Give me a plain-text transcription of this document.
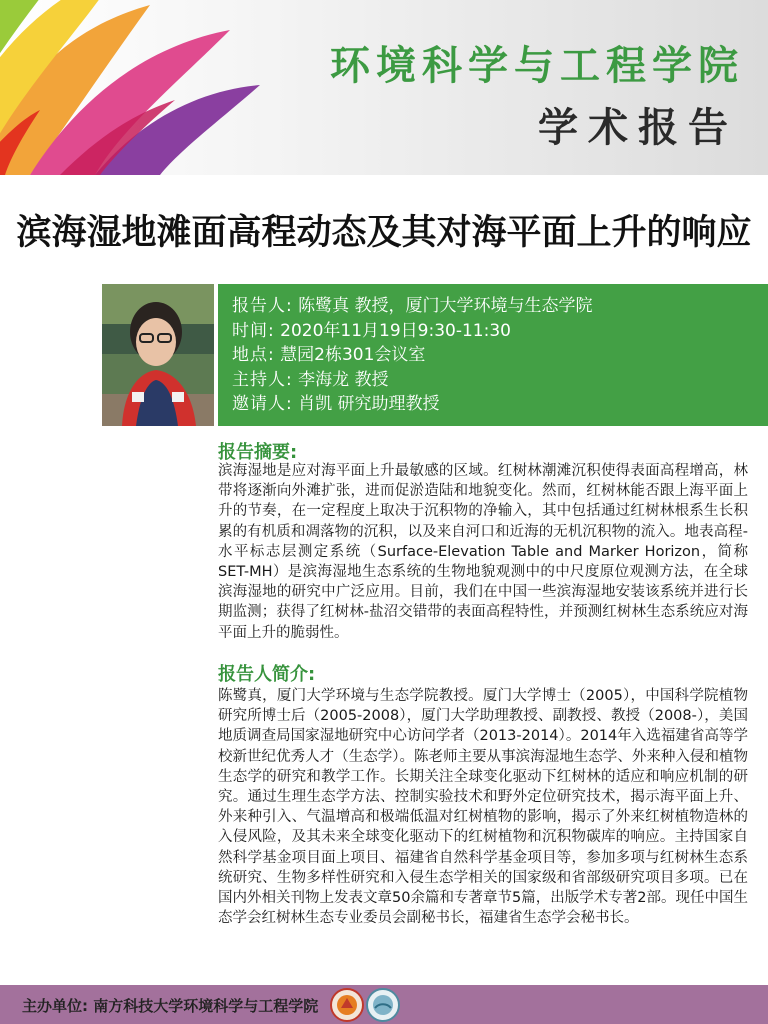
环境科学与工程学院
学术报告
滨海湿地滩面高程动态及其对海平面上升的响应
报告人: 陈鹭真 教授，厦门大学环境与生态学院
时间: 2020年11月19日9:30-11:30
地点: 慧园2栋301会议室
主持人: 李海龙 教授
邀请人: 肖凯 研究助理教授
报告摘要:
滨海湿地是应对海平面上升最敏感的区域。红树林潮滩沉积使得表面高程增高，林带将逐渐向外滩扩张，进而促淤造陆和地貌变化。然而，红树林能否跟上海平面上升的节奏，在一定程度上取决于沉积物的净输入，其中包括通过红树林根系生长积累的有机质和凋落物的沉积，以及来自河口和近海的无机沉积物的流入。地表高程-水平标志层测定系统（Surface-Elevation Table and Marker Horizon，简称SET-MH）是滨海湿地生态系统的生物地貌观测中的中尺度原位观测方法，在全球滨海湿地的研究中广泛应用。目前，我们在中国一些滨海湿地安装该系统并进行长期监测；获得了红树林-盐沼交错带的表面高程特性，并预测红树林生态系统应对海平面上升的脆弱性。
报告人简介:
陈鹭真，厦门大学环境与生态学院教授。厦门大学博士（2005），中国科学院植物研究所博士后（2005-2008），厦门大学助理教授、副教授、教授（2008-），美国地质调查局国家湿地研究中心访问学者（2013-2014）。2014年入选福建省高等学校新世纪优秀人才（生态学）。陈老师主要从事滨海湿地生态学、外来种入侵和植物生态学的研究和教学工作。长期关注全球变化驱动下红树林的适应和响应机制的研究。通过生理生态学方法、控制实验技术和野外定位研究技术，揭示海平面上升、外来种引入、气温增高和极端低温对红树植物的影响，揭示了外来红树植物造林的入侵风险，及其未来全球变化驱动下的红树植物和沉积物碳库的响应。主持国家自然科学基金项目面上项目、福建省自然科学基金项目等，参加多项与红树林生态系统研究、生物多样性研究和入侵生态学相关的国家级和省部级研究项目多项。已在国内外相关刊物上发表文章50余篇和专著章节5篇，出版学术专著2部。现任中国生态学会红树林生态专业委员会副秘书长，福建省生态学会秘书长。
主办单位: 南方科技大学环境科学与工程学院
